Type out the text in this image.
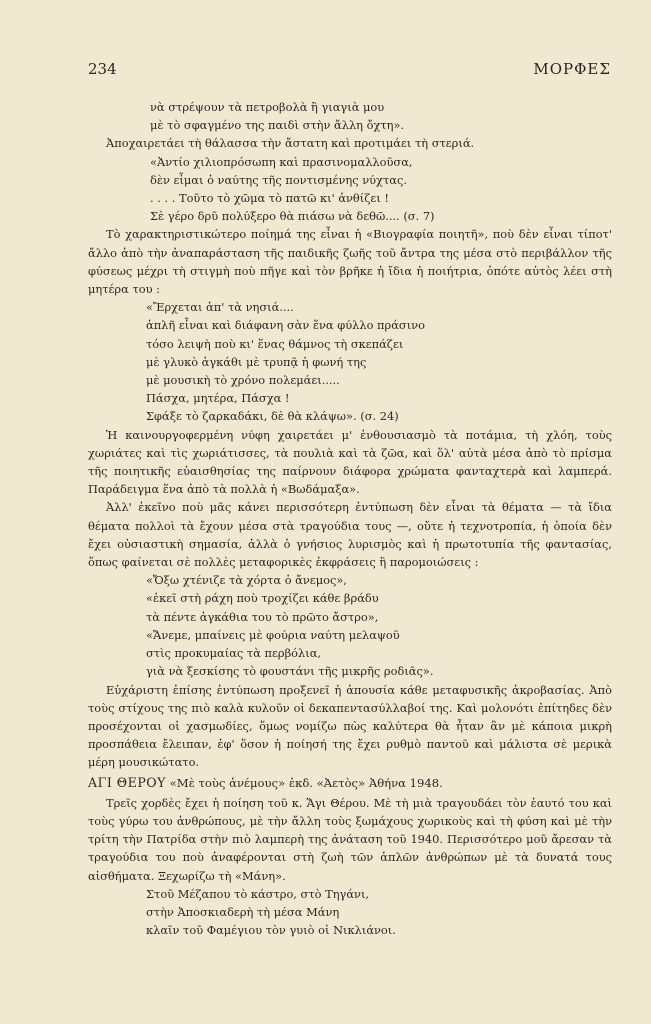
234	ΜΟΡΦΕΣ
νὰ στρέψουν τὰ πετροβολὰ ἢ γιαγιὰ μου
μὲ τὸ σφαγμένο της παιδὶ στὴν ἄλλη ὄχτη».

Ἀποχαιρετάει τὴ θάλασσα τὴν ἄστατη καὶ προτιμάει τὴ στεριά.

«Ἀντίο χιλιοπρόσωπη καὶ πρασινομαλλοῦσα,
δὲν εἶμαι ὁ ναύτης τῆς ποντισμένης νύχτας.
. . . . Τοῦτο τὸ χῶμα τὸ πατῶ κι' ἀνθίζει !
Σὲ γέρο δρῦ πολύξερο θὰ πιάσω νὰ δεθῶ.... (σ. 7)

Τὸ χαρακτηριστικώτερο ποίημά της εἶναι ἡ «Βιογραφία ποιητῆ», ποὺ δὲν εἶναι τίποτ' ἄλλο ἀπὸ τὴν ἀναπαράσταση τῆς παιδικῆς ζωῆς τοῦ ἄντρα της μέσα στὸ περιβάλλον τῆς φύσεως μέχρι τὴ στιγμὴ ποὺ πῆγε καὶ τὸν βρῆκε ἡ ἴδια ἡ ποιήτρια, ὁπότε αὐτὸς λέει στὴ μητέρα του :

«Ἔρχεται ἀπ' τὰ νησιά....
ἁπλῆ εἶναι καὶ διάφανη σὰν ἕνα φύλλο πράσινο
τόσο λειψὴ ποὺ κι' ἕνας θάμνος τὴ σκεπάζει
μὲ γλυκὸ ἀγκάθι μὲ τρυπᾷ ἡ φωνή της
μὲ μουσικὴ τὸ χρόνο πολεμάει.....
Πάσχα, μητέρα, Πάσχα !
Σφάξε τὸ ζαρκαδάκι, δὲ θὰ κλάψω». (σ. 24)

Ἡ καινουργοφερμένη νύφη χαιρετάει μ' ἐνθουσιασμὸ τὰ ποτάμια, τὴ χλόη, τοὺς χωριάτες καὶ τὶς χωριάτισσες, τὰ πουλιὰ καὶ τὰ ζῶα, καὶ ὅλ' αὐτὰ μέσα ἀπὸ τὸ πρίσμα τῆς ποιητικῆς εὐαισθησίας της παίρνουν διάφορα χρώματα φανταχτερὰ καὶ λαμπερά. Παράδειγμα ἕνα ἀπὸ τὰ πολλὰ ἡ «Βωδάμαξα».

Ἀλλ' ἐκεῖνο ποὺ μᾶς κάνει περισσότερη ἐντύπωση δὲν εἶναι τὰ θέματα — τὰ ἴδια θέματα πολλοὶ τὰ ἔχουν μέσα στὰ τραγούδια τους —, οὔτε ἡ τεχνοτροπία, ἡ ὁποία δὲν ἔχει οὐσιαστικὴ σημασία, ἀλλὰ ὁ γνήσιος λυρισμὸς καὶ ἡ πρωτοτυπία τῆς φαντασίας, ὅπως φαίνεται σὲ πολλὲς μεταφορικὲς ἐκφράσεις ἢ παρομοιώσεις :

«Ὄξω χτένιζε τὰ χόρτα ὁ ἄνεμος»,
«ἐκεῖ στὴ ράχη ποὺ τροχίζει κάθε βράδυ
τὰ πέντε ἀγκάθια του τὸ πρῶτο ἄστρο»,
«Ἄνεμε, μπαίνεις μὲ φούρια ναύτη μελαψοῦ
στὶς προκυμαίας τὰ περβόλια,
γιὰ νὰ ξεσκίσης τὸ φουστάνι τῆς μικρῆς ροδιᾶς».

Εὐχάριστη ἐπίσης ἐντύπωση προξενεῖ ἡ ἀπουσία κάθε μεταφυσικῆς ἀκροβασίας. Ἀπὸ τοὺς στίχους της πιὸ καλὰ κυλοῦν οἱ δεκαπεντασύλλαβοί της. Καὶ μολονότι ἐπίτηδες δὲν προσέχονται οἱ χασμωδίες, ὅμως νομίζω πὼς καλύτερα θὰ ἦταν ἂν μὲ κάποια μικρὴ προσπάθεια ἔλειπαν, ἐφ' ὅσον ἡ ποίησή της ἔχει ρυθμὸ παντοῦ καὶ μάλιστα σὲ μερικὰ μέρη μουσικώτατο.

ΑΓΙ ΘΕΡΟΥ «Μὲ τοὺς ἀνέμους» ἐκδ. «Ἀετὸς» Ἀθήνα 1948.

Τρεῖς χορδὲς ἔχει ἡ ποίηση τοῦ κ. Ἄγι Θέρου. Μὲ τὴ μιὰ τραγουδάει τὸν ἑαυτό του καὶ τοὺς γύρω του ἀνθρώπους, μὲ τὴν ἄλλη τοὺς ξωμάχους χωρικοὺς καὶ τὴ φύση καὶ μὲ τὴν τρίτη τὴν Πατρίδα στὴν πιὸ λαμπερὴ της ἀνάταση τοῦ 1940. Περισσότερο μοῦ ἄρεσαν τὰ τραγούδια του ποὺ ἀναφέρονται στὴ ζωὴ τῶν ἁπλῶν ἀνθρώπων μὲ τὰ δυνατά τους αἰσθήματα. Ξεχωρίζω τὴ «Μάνη».

Στοῦ Μέζαπου τὸ κάστρο, στὸ Τηγάνι,
στὴν Ἀποσκιαδερὴ τὴ μέσα Μάνη
κλαῖν τοῦ Φαμέγιου τὸν γυιὸ οἱ Νικλιάνοι.
